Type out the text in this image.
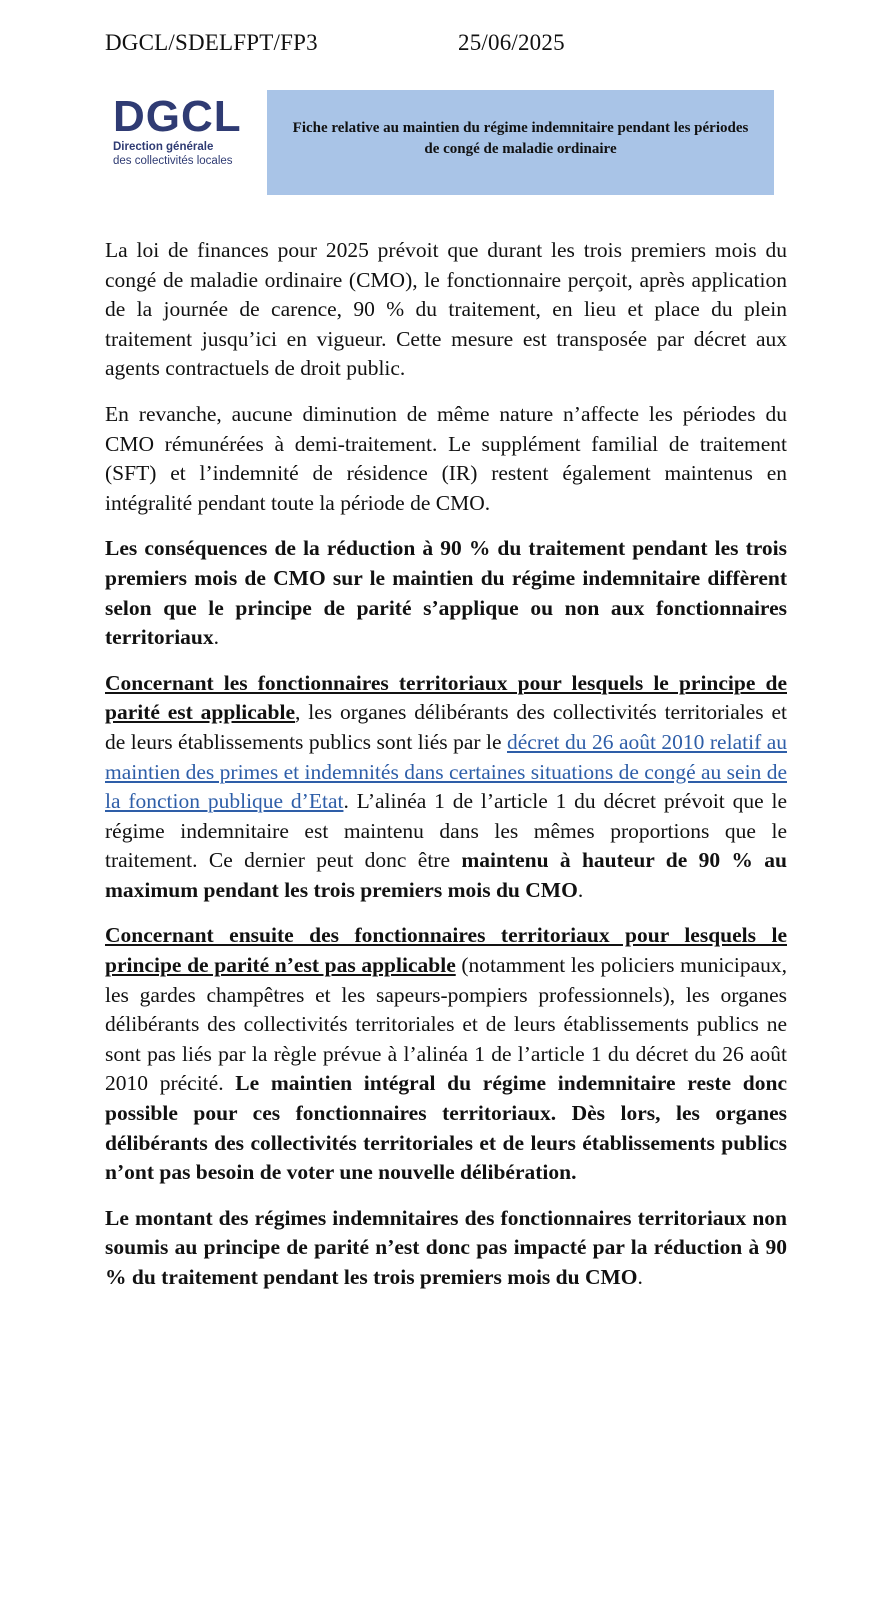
DGCL/SDELFPT/FP3	25/06/2025
DGCL
Direction générale
des collectivités locales
Fiche relative au maintien du régime indemnitaire pendant les périodes de congé de maladie ordinaire

La loi de finances pour 2025 prévoit que durant les trois premiers mois du congé de maladie ordinaire (CMO), le fonctionnaire perçoit, après application de la journée de carence, 90 % du traitement, en lieu et place du plein traitement jusqu’ici en vigueur. Cette mesure est transposée par décret aux agents contractuels de droit public.

En revanche, aucune diminution de même nature n’affecte les périodes du CMO rémunérées à demi-traitement. Le supplément familial de traitement (SFT) et l’indemnité de résidence (IR) restent également maintenus en intégralité pendant toute la période de CMO.

Les conséquences de la réduction à 90 % du traitement pendant les trois premiers mois de CMO sur le maintien du régime indemnitaire diffèrent selon que le principe de parité s’applique ou non aux fonctionnaires territoriaux.

Concernant les fonctionnaires territoriaux pour lesquels le principe de parité est applicable, les organes délibérants des collectivités territoriales et de leurs établissements publics sont liés par le décret du 26 août 2010 relatif au maintien des primes et indemnités dans certaines situations de congé au sein de la fonction publique d’Etat. L’alinéa 1 de l’article 1 du décret prévoit que le régime indemnitaire est maintenu dans les mêmes proportions que le traitement. Ce dernier peut donc être maintenu à hauteur de 90 % au maximum pendant les trois premiers mois du CMO.

Concernant ensuite des fonctionnaires territoriaux pour lesquels le principe de parité n’est pas applicable (notamment les policiers municipaux, les gardes champêtres et les sapeurs-pompiers professionnels), les organes délibérants des collectivités territoriales et de leurs établissements publics ne sont pas liés par la règle prévue à l’alinéa 1 de l’article 1 du décret du 26 août 2010 précité. Le maintien intégral du régime indemnitaire reste donc possible pour ces fonctionnaires territoriaux. Dès lors, les organes délibérants des collectivités territoriales et de leurs établissements publics n’ont pas besoin de voter une nouvelle délibération.

Le montant des régimes indemnitaires des fonctionnaires territoriaux non soumis au principe de parité n’est donc pas impacté par la réduction à 90 % du traitement pendant les trois premiers mois du CMO.
